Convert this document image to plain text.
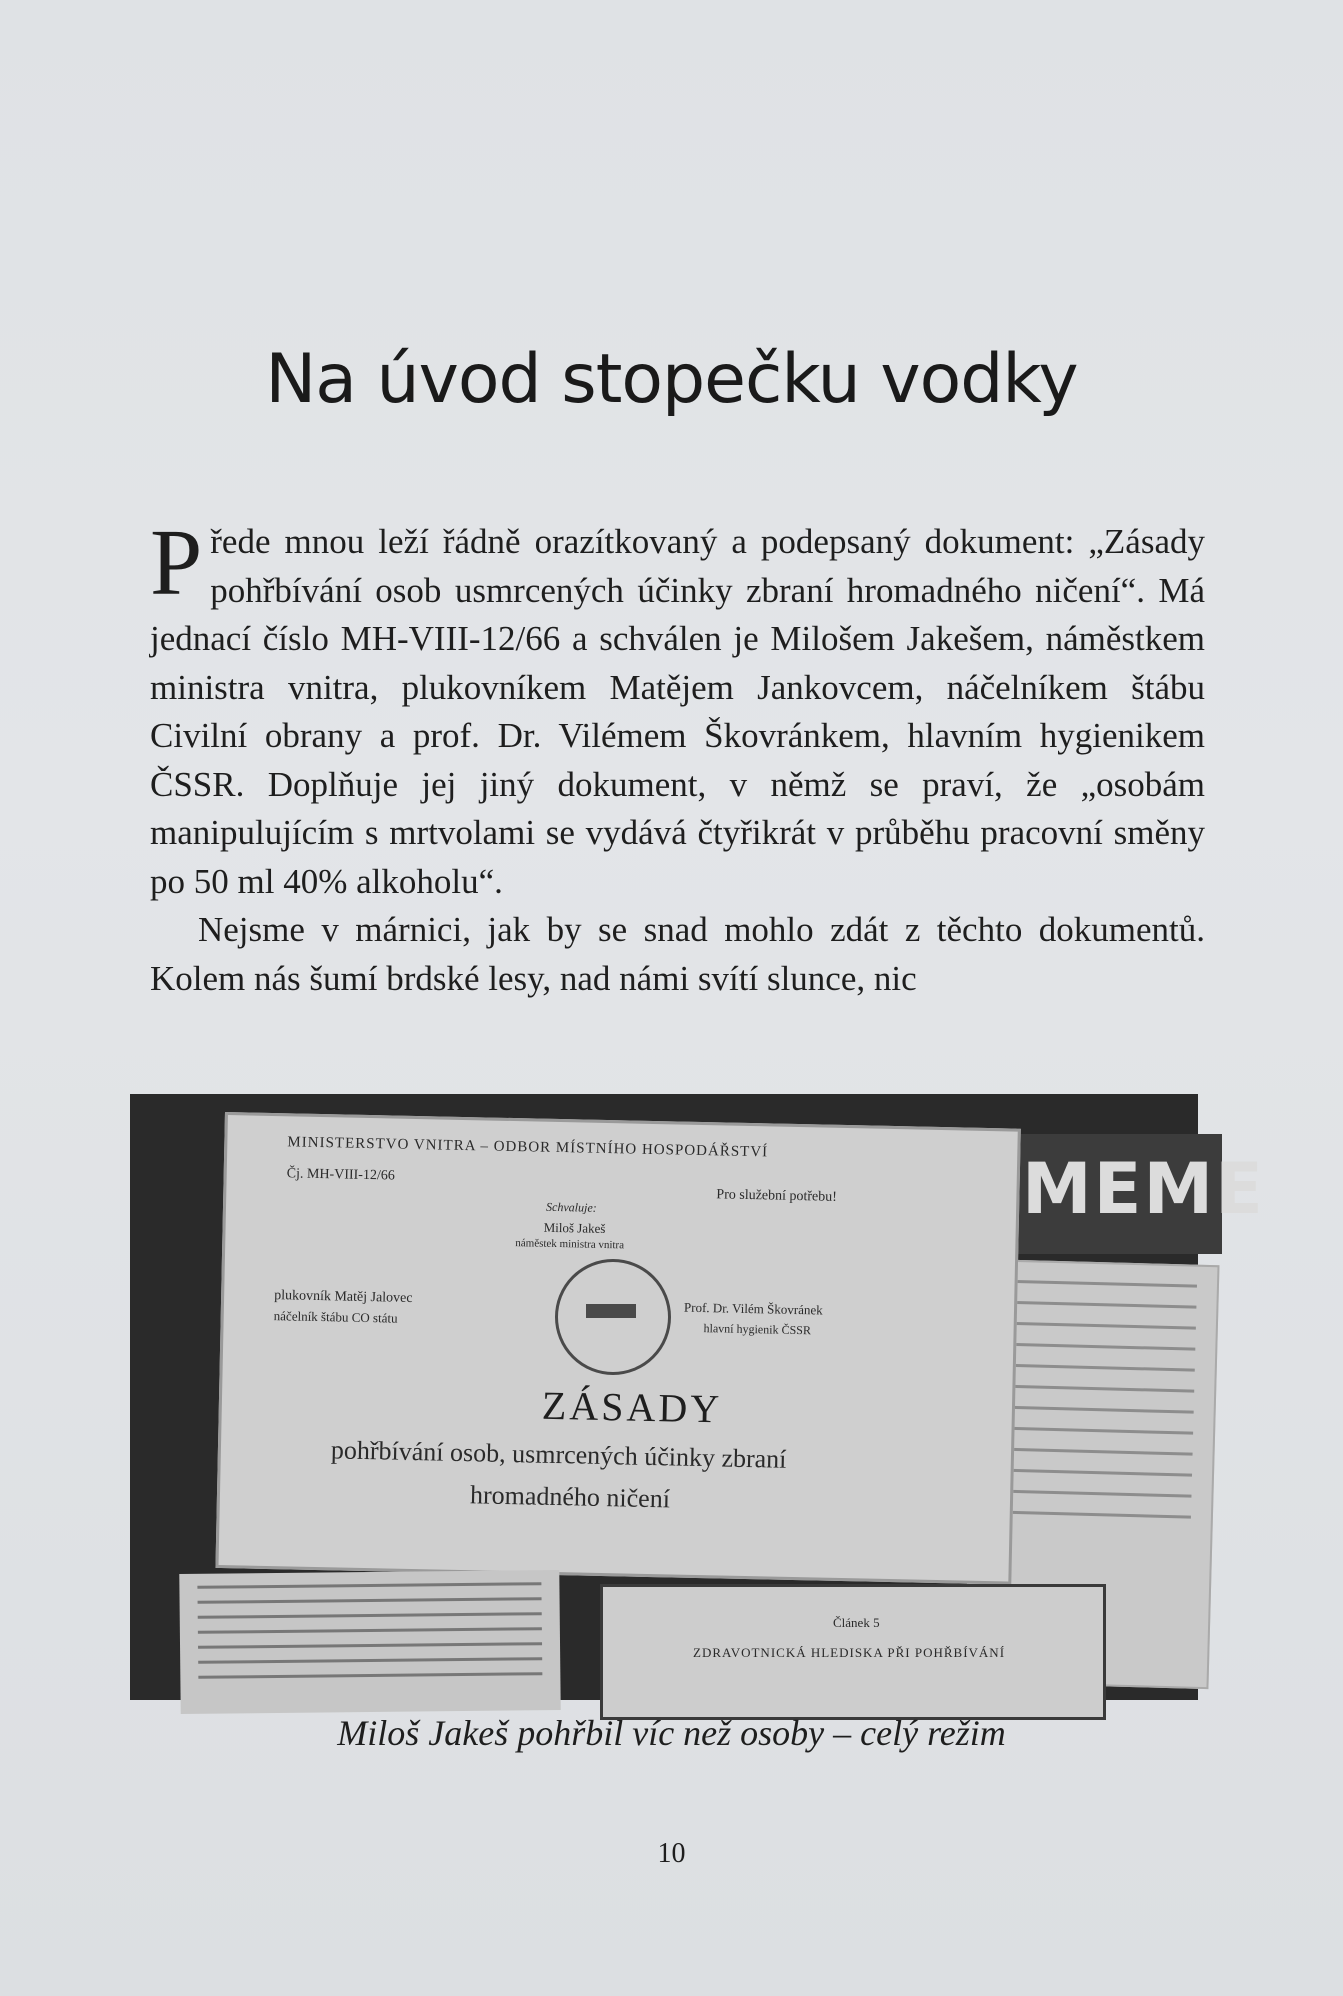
Na úvod stopečku vodky

Přede mnou leží řádně orazítkovaný a podepsaný dokument: „Zásady pohřbívání osob usmrcených účinky zbraní hromadného ničení“. Má jednací číslo MH-VIII-12/66 a schválen je Milošem Jakešem, náměstkem ministra vnitra, plukovníkem Matějem Jankovcem, náčelníkem štábu Civilní obrany a prof. Dr. Vilémem Škovránkem, hlavním hygienikem ČSSR. Doplňuje jej jiný dokument, v němž se praví, že „osobám manipulujícím s mrtvolami se vydává čtyřikrát v průběhu pracovní směny po 50 ml 40% alkoholu“.

Nejsme v márnici, jak by se snad mohlo zdát z těchto dokumentů. Kolem nás šumí brdské lesy, nad námi svítí slunce, nic

MEME
MINISTERSTVO VNITRA – ODBOR MÍSTNÍHO HOSPODÁŘSTVÍ
Čj. MH-VIII-12/66
Pro služební potřebu!
Schvaluje:
Miloš Jakeš
náměstek ministra vnitra
plukovník Matěj Jalovec
náčelník štábu CO státu	Prof. Dr. Vilém Škovránek
hlavní hygienik ČSSR
ZÁSADY
pohřbívání osob, usmrcených účinky zbraní
hromadného ničení
Článek 5
ZDRAVOTNICKÁ HLEDISKA PŘI POHŘBÍVÁNÍ
Miloš Jakeš pohřbil víc než osoby – celý režim
10
